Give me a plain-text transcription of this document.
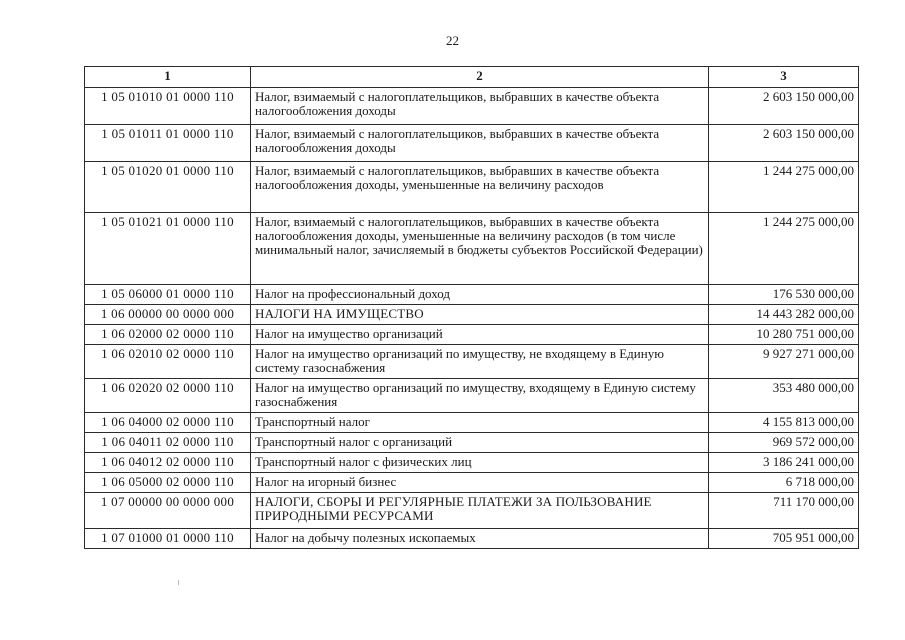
22
1	2	3
1 05 01010 01 0000 110	Налог, взимаемый с налогоплательщиков, выбравших в качестве объекта налогообложения доходы	2 603 150 000,00
1 05 01011 01 0000 110	Налог, взимаемый с налогоплательщиков, выбравших в качестве объекта налогообложения доходы	2 603 150 000,00
1 05 01020 01 0000 110	Налог, взимаемый с налогоплательщиков, выбравших в качестве объекта налогообложения доходы, уменьшенные на величину расходов	1 244 275 000,00
1 05 01021 01 0000 110	Налог, взимаемый с налогоплательщиков, выбравших в качестве объекта налогообложения доходы, уменьшенные на величину расходов (в том числе минимальный налог, зачисляемый в бюджеты субъектов Российской Федерации)	1 244 275 000,00
1 05 06000 01 0000 110	Налог на профессиональный доход	176 530 000,00
1 06 00000 00 0000 000	НАЛОГИ НА ИМУЩЕСТВО	14 443 282 000,00
1 06 02000 02 0000 110	Налог на имущество организаций	10 280 751 000,00
1 06 02010 02 0000 110	Налог на имущество организаций по имуществу, не входящему в Единую систему газоснабжения	9 927 271 000,00
1 06 02020 02 0000 110	Налог на имущество организаций по имуществу, входящему в Единую систему газоснабжения	353 480 000,00
1 06 04000 02 0000 110	Транспортный налог	4 155 813 000,00
1 06 04011 02 0000 110	Транспортный налог с организаций	969 572 000,00
1 06 04012 02 0000 110	Транспортный налог с физических лиц	3 186 241 000,00
1 06 05000 02 0000 110	Налог на игорный бизнес	6 718 000,00
1 07 00000 00 0000 000	НАЛОГИ, СБОРЫ И РЕГУЛЯРНЫЕ ПЛАТЕЖИ ЗА ПОЛЬЗОВАНИЕ ПРИРОДНЫМИ РЕСУРСАМИ	711 170 000,00
1 07 01000 01 0000 110	Налог на добычу полезных ископаемых	705 951 000,00
